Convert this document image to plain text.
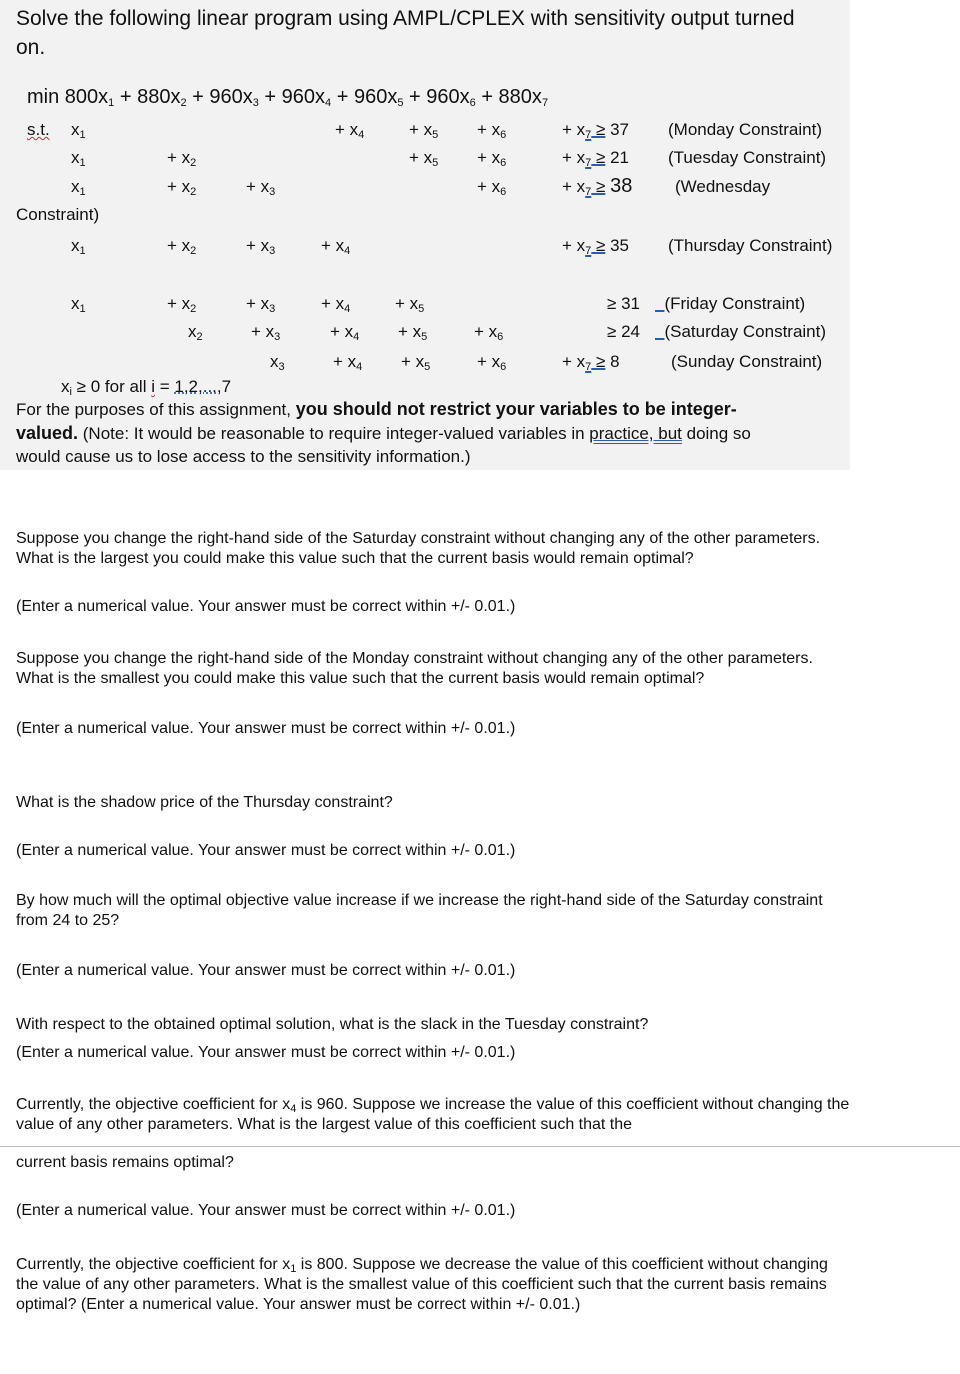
Solve the following linear program using AMPL/CPLEX with sensitivity output turned
on.
$\min 800x_1 + 880x_2 + 960x_3 + 960x_4 + 960x_5 + 960x_6 + 880x_7$
s.t. $x_1$	+ $x_4$	+ $x_5 + x_6$	+ $x_7 \ge 37$ (Monday Constraint)
$x_1$	+ $x_2$	+ $x_5 + x_6$	+ $x_7 \ge 21$ (Tuesday Constraint)
$x_1$	+ $x_2$	+ $x_3$	+ $x_6$	+ $x_7 \ge 38$	(Wednesday
Constraint)
$x_1$	+ $x_2$	+ $x_3$	+ $x_4$	+ $x_7 \ge 35$ (Thursday Constraint)
$x_1$	+ $x_2$	+ $x_3$	+ $x_4$	+ $x_5$	≥ 31	(Friday Constraint)
$x_2$	+ $x_3$	+ $x_4 + x_5$	+ $x_6$	≥ 24	(Saturday Constraint)
$x_3$	+ $x_4 + x_5$	+ $x_6$	+ $x_7 \ge 8$	(Sunday Constraint)
$x_i \ge 0$ for all i = 1,2,...,7
For the purposes of this assignment, you should not restrict your variables to be integer-
valued. (Note: It would be reasonable to require integer-valued variables in practice, but doing so
would cause us to lose access to the sensitivity information.)
Suppose you change the right-hand side of the Saturday constraint without changing any of the other parameters. What is the largest you could make this value such that the current basis would remain optimal?
(Enter a numerical value. Your answer must be correct within +/- 0.01.)
Suppose you change the right-hand side of the Monday constraint without changing any of the other parameters. What is the smallest you could make this value such that the current basis would remain optimal?
(Enter a numerical value. Your answer must be correct within +/- 0.01.)
What is the shadow price of the Thursday constraint?
(Enter a numerical value. Your answer must be correct within +/- 0.01.)
By how much will the optimal objective value increase if we increase the right-hand side of the Saturday constraint from 24 to 25?
(Enter a numerical value. Your answer must be correct within +/- 0.01.)
With respect to the obtained optimal solution, what is the slack in the Tuesday constraint?
(Enter a numerical value. Your answer must be correct within +/- 0.01.)
Currently, the objective coefficient for $x_4$ is 960. Suppose we increase the value of this coefficient without changing the value of any other parameters. What is the largest value of this coefficient such that the
current basis remains optimal?
(Enter a numerical value. Your answer must be correct within +/- 0.01.)
Currently, the objective coefficient for $x_1$ is 800. Suppose we decrease the value of this coefficient without changing the value of any other parameters. What is the smallest value of this coefficient such that the current basis remains optimal? (Enter a numerical value. Your answer must be correct within +/- 0.01.)
